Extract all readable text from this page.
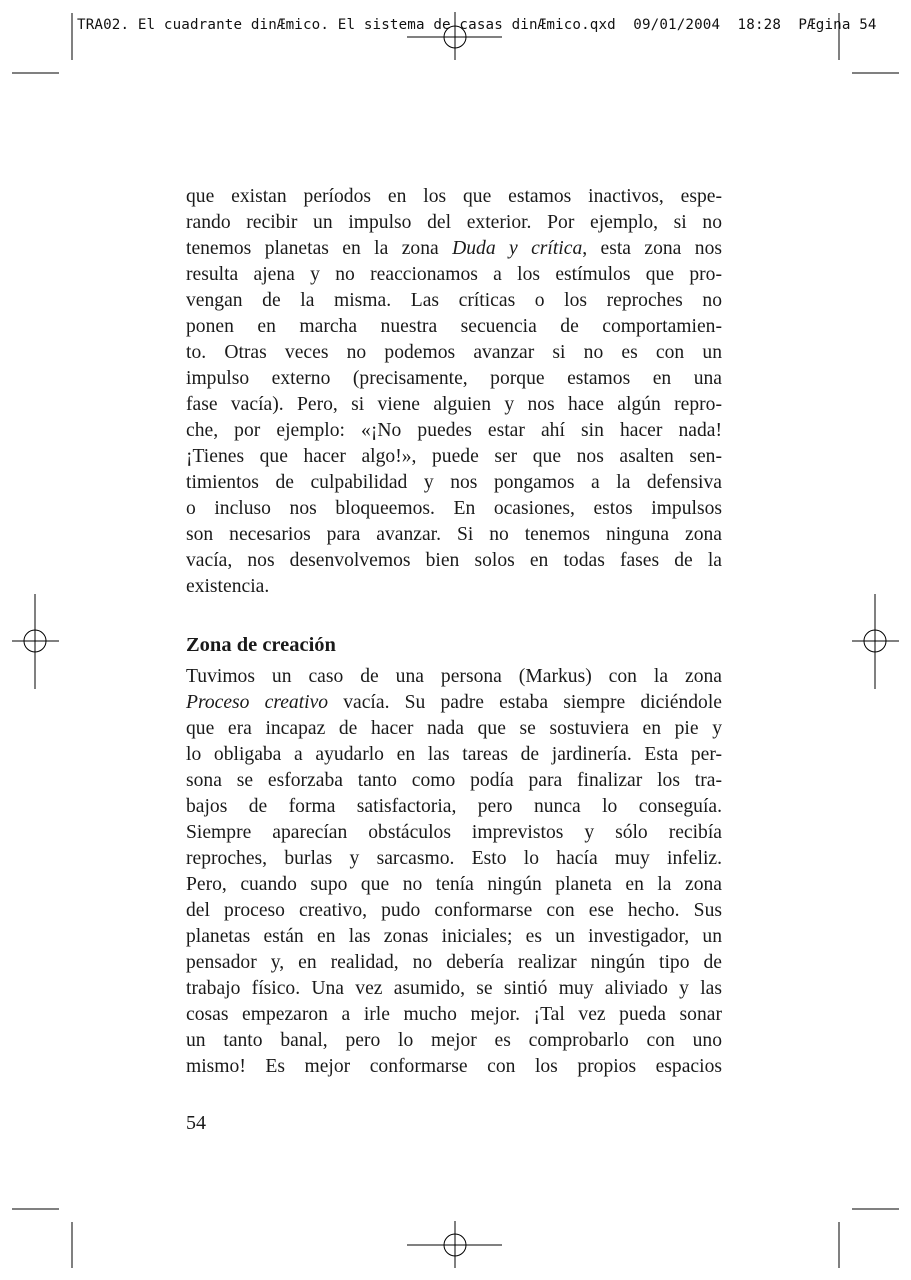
TRA02. El cuadrante dinÆmico. El sistema de casas dinÆmico.qxd  09/01/2004  18:28  PÆgina 54

que existan períodos en los que estamos inactivos, espe-

rando recibir un impulso del exterior. Por ejemplo, si no

tenemos planetas en la zona Duda y crítica, esta zona nos

resulta ajena y no reaccionamos a los estímulos que pro-

vengan de la misma. Las críticas o los reproches no

ponen en marcha nuestra secuencia de comportamien-

to. Otras veces no podemos avanzar si no es con un

impulso externo (precisamente, porque estamos en una

fase vacía). Pero, si viene alguien y nos hace algún repro-

che, por ejemplo: «¡No puedes estar ahí sin hacer nada!

¡Tienes que hacer algo!», puede ser que nos asalten sen-

timientos de culpabilidad y nos pongamos a la defensiva

o incluso nos bloqueemos. En ocasiones, estos impulsos

son necesarios para avanzar. Si no tenemos ninguna zona

vacía, nos desenvolvemos bien solos en todas fases de la

existencia.

Zona de creación

Tuvimos un caso de una persona (Markus) con la zona

Proceso creativo vacía. Su padre estaba siempre diciéndole

que era incapaz de hacer nada que se sostuviera en pie y

lo obligaba a ayudarlo en las tareas de jardinería. Esta per-

sona se esforzaba tanto como podía para finalizar los tra-

bajos de forma satisfactoria, pero nunca lo conseguía.

Siempre aparecían obstáculos imprevistos y sólo recibía

reproches, burlas y sarcasmo. Esto lo hacía muy infeliz.

Pero, cuando supo que no tenía ningún planeta en la zona

del proceso creativo, pudo conformarse con ese hecho. Sus

planetas están en las zonas iniciales; es un investigador, un

pensador y, en realidad, no debería realizar ningún tipo de

trabajo físico. Una vez asumido, se sintió muy aliviado y las

cosas empezaron a irle mucho mejor. ¡Tal vez pueda sonar

un tanto banal, pero lo mejor es comprobarlo con uno

mismo! Es mejor conformarse con los propios espacios

54
